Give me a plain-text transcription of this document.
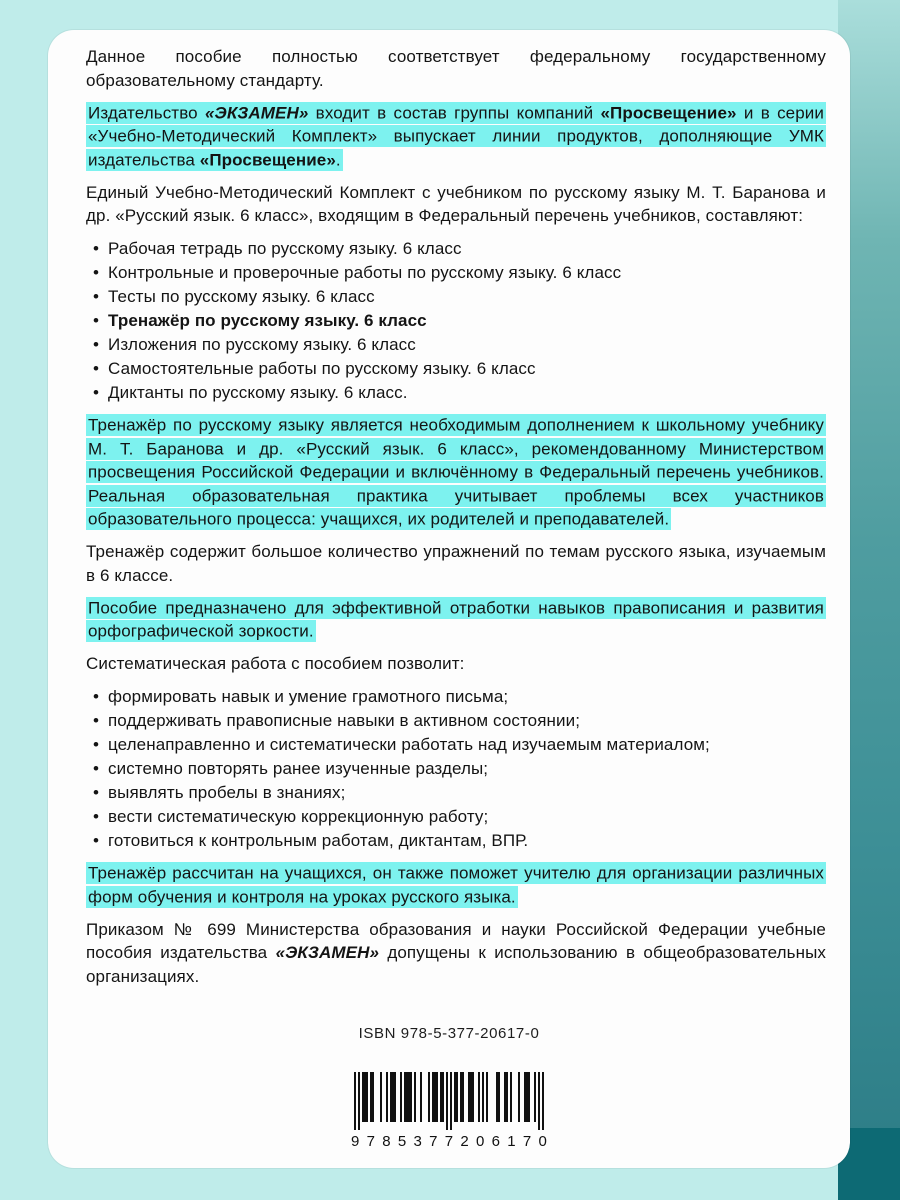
Данное пособие полностью соответствует федеральному государственному образовательному стандарту.

Издательство «ЭКЗАМЕН» входит в состав группы компаний «Просвещение» и в серии «Учебно-Методический Комплект» выпускает линии продуктов, дополняющие УМК издательства «Просвещение».

Единый Учебно-Методический Комплект с учебником по русскому языку М. Т. Баранова и др. «Русский язык. 6 класс», входящим в Федеральный перечень учебников, составляют:

• Рабочая тетрадь по русскому языку. 6 класс
• Контрольные и проверочные работы по русскому языку. 6 класс
• Тесты по русскому языку. 6 класс
• Тренажёр по русскому языку. 6 класс
• Изложения по русскому языку. 6 класс
• Самостоятельные работы по русскому языку. 6 класс
• Диктанты по русскому языку. 6 класс.

Тренажёр по русскому языку является необходимым дополнением к школьному учебнику М. Т. Баранова и др. «Русский язык. 6 класс», рекомендованному Министерством просвещения Российской Федерации и включённому в Федеральный перечень учебников. Реальная образовательная практика учитывает проблемы всех участников образовательного процесса: учащихся, их родителей и преподавателей.

Тренажёр содержит большое количество упражнений по темам русского языка, изучаемым в 6 классе.

Пособие предназначено для эффективной отработки навыков правописания и развития орфографической зоркости.

Систематическая работа с пособием позволит:

• формировать навык и умение грамотного письма;
• поддерживать правописные навыки в активном состоянии;
• целенаправленно и систематически работать над изучаемым материалом;
• системно повторять ранее изученные разделы;
• выявлять пробелы в знаниях;
• вести систематическую коррекционную работу;
• готовиться к контрольным работам, диктантам, ВПР.

Тренажёр рассчитан на учащихся, он также поможет учителю для организации различных форм обучения и контроля на уроках русского языка.

Приказом № 699 Министерства образования и науки Российской Федерации учебные пособия издательства «ЭКЗАМЕН» допущены к использованию в общеобразовательных организациях.

ISBN 978-5-377-20617-0
9 7 8 5 3 7 7 2 0 6 1 7 0
